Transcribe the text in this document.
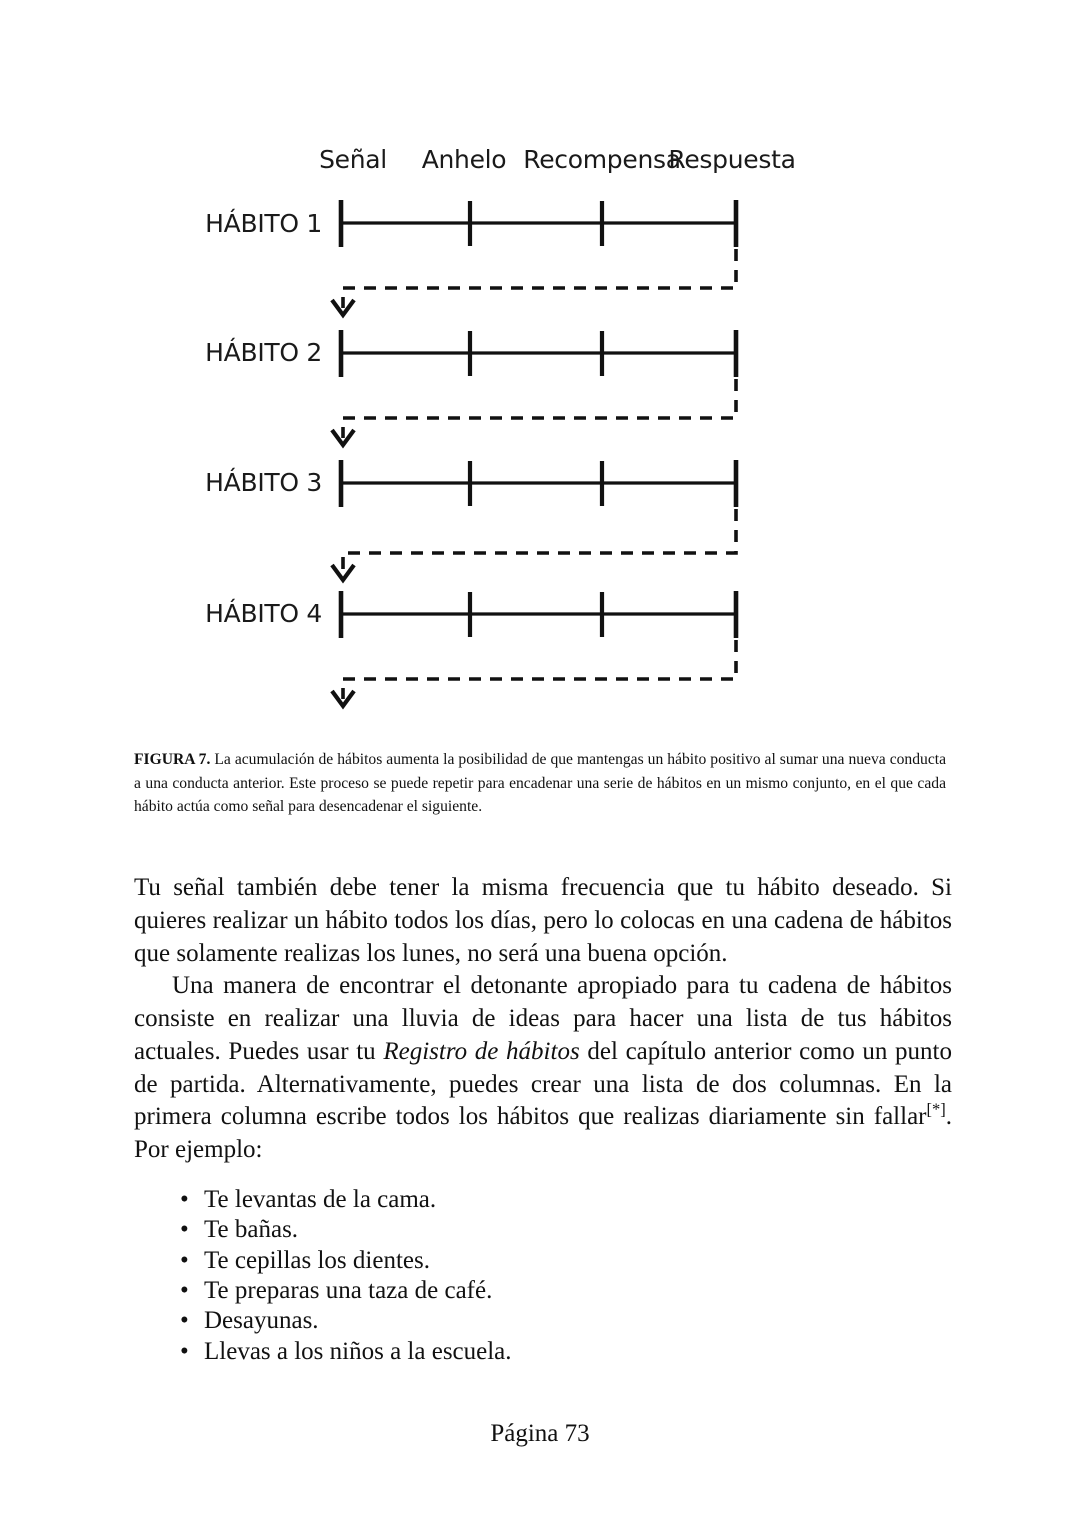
Señal Anhelo Recompensa
Respuesta
HÁBITO 1
HÁBITO 2
HÁBITO 3
HÁBITO 4
FIGURA 7. La acumulación de hábitos aumenta la posibilidad de que mantengas un hábito positivo al sumar una nueva conducta a una conducta anterior. Este proceso se puede repetir para encadenar una serie de hábitos en un mismo conjunto, en el que cada hábito actúa como señal para desencadenar el siguiente.

Tu señal también debe tener la misma frecuencia que tu hábito deseado. Si quieres realizar un hábito todos los días, pero lo colocas en una cadena de hábitos que solamente realizas los lunes, no será una buena opción.

Una manera de encontrar el detonante apropiado para tu cadena de hábitos consiste en realizar una lluvia de ideas para hacer una lista de tus hábitos actuales. Puedes usar tu Registro de hábitos del capítulo anterior como un punto de partida. Alternativamente, puedes crear una lista de dos columnas. En la primera columna escribe todos los hábitos que realizas diariamente sin fallar[*]. Por ejemplo:

• Te levantas de la cama.
• Te bañas.
• Te cepillas los dientes.
• Te preparas una taza de café.
• Desayunas.
• Llevas a los niños a la escuela.
Página 73
